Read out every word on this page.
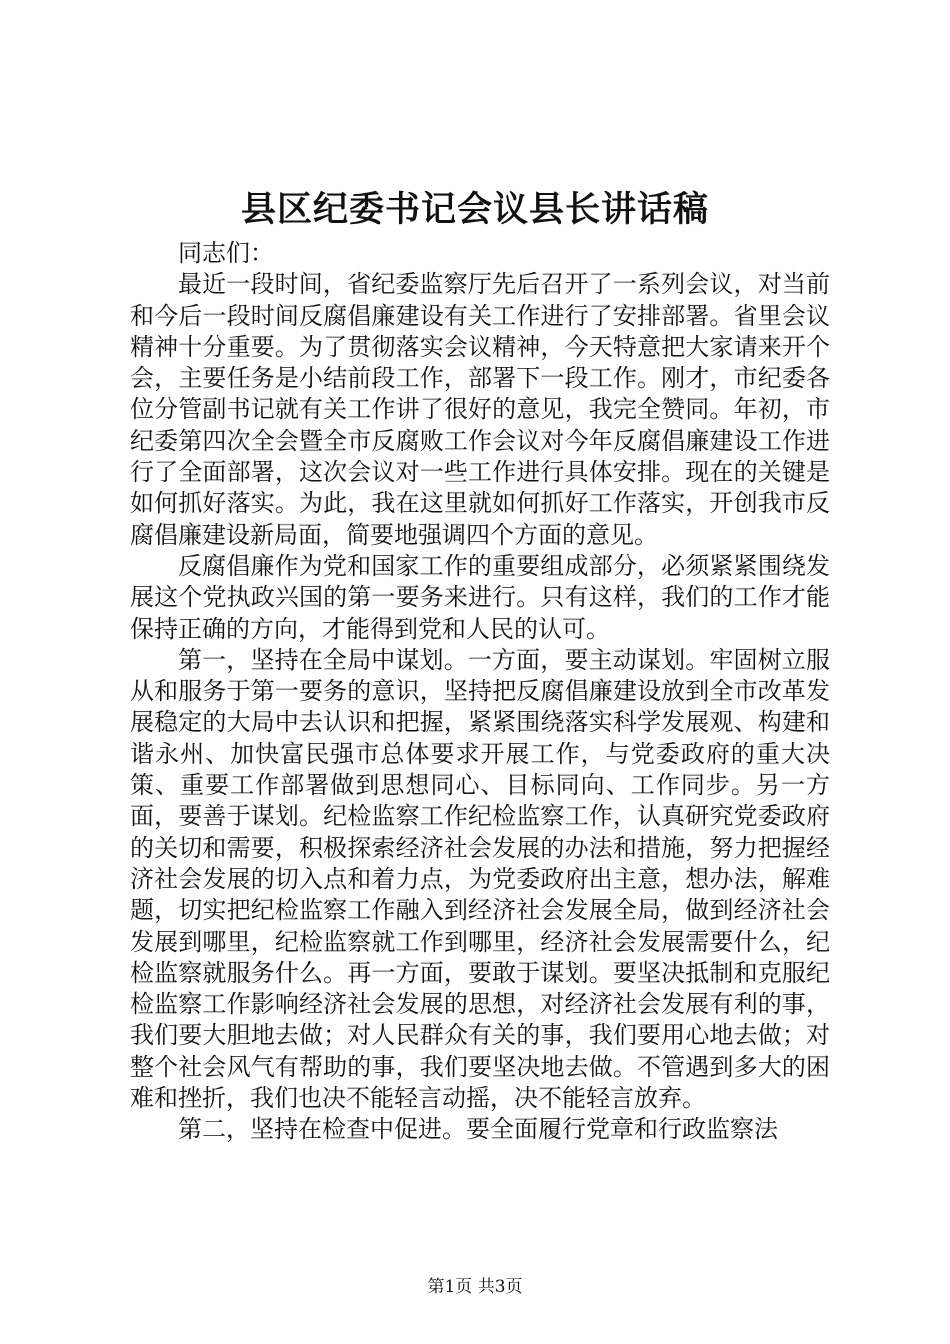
县区纪委书记会议县长讲话稿

同志们：

最近一段时间，省纪委监察厅先后召开了一系列会议，对当前和今后一段时间反腐倡廉建设有关工作进行了安排部署。省里会议精神十分重要。为了贯彻落实会议精神，今天特意把大家请来开个会，主要任务是小结前段工作，部署下一段工作。刚才，市纪委各位分管副书记就有关工作讲了很好的意见，我完全赞同。年初，市纪委第四次全会暨全市反腐败工作会议对今年反腐倡廉建设工作进行了全面部署，这次会议对一些工作进行具体安排。现在的关键是如何抓好落实。为此，我在这里就如何抓好工作落实，开创我市反腐倡廉建设新局面，简要地强调四个方面的意见。

反腐倡廉作为党和国家工作的重要组成部分，必须紧紧围绕发展这个党执政兴国的第一要务来进行。只有这样，我们的工作才能保持正确的方向，才能得到党和人民的认可。

第一，坚持在全局中谋划。一方面，要主动谋划。牢固树立服从和服务于第一要务的意识，坚持把反腐倡廉建设放到全市改革发展稳定的大局中去认识和把握，紧紧围绕落实科学发展观、构建和谐永州、加快富民强市总体要求开展工作，与党委政府的重大决策、重要工作部署做到思想同心、目标同向、工作同步。另一方面，要善于谋划。纪检监察工作纪检监察工作，认真研究党委政府的关切和需要，积极探索经济社会发展的办法和措施，努力把握经济社会发展的切入点和着力点，为党委政府出主意，想办法，解难题，切实把纪检监察工作融入到经济社会发展全局，做到经济社会发展到哪里，纪检监察就工作到哪里，经济社会发展需要什么，纪检监察就服务什么。再一方面，要敢于谋划。要坚决抵制和克服纪检监察工作影响经济社会发展的思想，对经济社会发展有利的事，我们要大胆地去做；对人民群众有关的事，我们要用心地去做；对整个社会风气有帮助的事，我们要坚决地去做。不管遇到多大的困难和挫折，我们也决不能轻言动摇，决不能轻言放弃。

第二，坚持在检查中促进。要全面履行党章和行政监察法

第1页 共3页
